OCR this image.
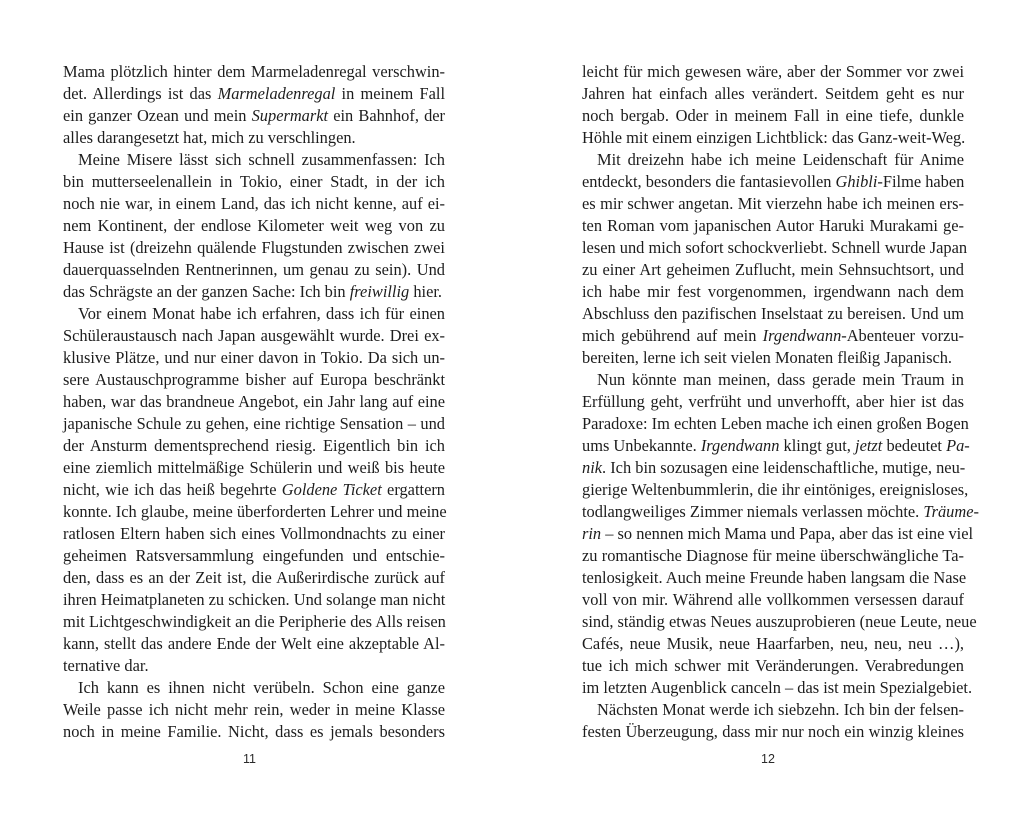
Mama plötzlich hinter dem Marmeladenregal verschwin-
det. Allerdings ist das Marmeladenregal in meinem Fall
ein ganzer Ozean und mein Supermarkt ein Bahnhof, der
alles darangesetzt hat, mich zu verschlingen.
Meine Misere lässt sich schnell zusammenfassen: Ich
bin mutterseelenallein in Tokio, einer Stadt, in der ich
noch nie war, in einem Land, das ich nicht kenne, auf ei-
nem Kontinent, der endlose Kilometer weit weg von zu
Hause ist (dreizehn quälende Flugstunden zwischen zwei
dauerquasselnden Rentnerinnen, um genau zu sein). Und
das Schrägste an der ganzen Sache: Ich bin freiwillig hier.
Vor einem Monat habe ich erfahren, dass ich für einen
Schüleraustausch nach Japan ausgewählt wurde. Drei ex-
klusive Plätze, und nur einer davon in Tokio. Da sich un-
sere Austauschprogramme bisher auf Europa beschränkt
haben, war das brandneue Angebot, ein Jahr lang auf eine
japanische Schule zu gehen, eine richtige Sensation – und
der Ansturm dementsprechend riesig. Eigentlich bin ich
eine ziemlich mittelmäßige Schülerin und weiß bis heute
nicht, wie ich das heiß begehrte Goldene Ticket ergattern
konnte. Ich glaube, meine überforderten Lehrer und meine
ratlosen Eltern haben sich eines Vollmondnachts zu einer
geheimen Ratsversammlung eingefunden und entschie-
den, dass es an der Zeit ist, die Außerirdische zurück auf
ihren Heimatplaneten zu schicken. Und solange man nicht
mit Lichtgeschwindigkeit an die Peripherie des Alls reisen
kann, stellt das andere Ende der Welt eine akzeptable Al-
ternative dar.
Ich kann es ihnen nicht verübeln. Schon eine ganze
Weile passe ich nicht mehr rein, weder in meine Klasse
noch in meine Familie. Nicht, dass es jemals besonders
leicht für mich gewesen wäre, aber der Sommer vor zwei
Jahren hat einfach alles verändert. Seitdem geht es nur
noch bergab. Oder in meinem Fall in eine tiefe, dunkle
Höhle mit einem einzigen Lichtblick: das Ganz-weit-Weg.
Mit dreizehn habe ich meine Leidenschaft für Anime
entdeckt, besonders die fantasievollen Ghibli-Filme haben
es mir schwer angetan. Mit vierzehn habe ich meinen ers-
ten Roman vom japanischen Autor Haruki Murakami ge-
lesen und mich sofort schockverliebt. Schnell wurde Japan
zu einer Art geheimen Zuflucht, mein Sehnsuchtsort, und
ich habe mir fest vorgenommen, irgendwann nach dem
Abschluss den pazifischen Inselstaat zu bereisen. Und um
mich gebührend auf mein Irgendwann-Abenteuer vorzu-
bereiten, lerne ich seit vielen Monaten fleißig Japanisch.
Nun könnte man meinen, dass gerade mein Traum in
Erfüllung geht, verfrüht und unverhofft, aber hier ist das
Paradoxe: Im echten Leben mache ich einen großen Bogen
ums Unbekannte. Irgendwann klingt gut, jetzt bedeutet Pa-
nik. Ich bin sozusagen eine leidenschaftliche, mutige, neu-
gierige Weltenbummlerin, die ihr eintöniges, ereignisloses,
todlangweiliges Zimmer niemals verlassen möchte. Träume-
rin – so nennen mich Mama und Papa, aber das ist eine viel
zu romantische Diagnose für meine überschwängliche Ta-
tenlosigkeit. Auch meine Freunde haben langsam die Nase
voll von mir. Während alle vollkommen versessen darauf
sind, ständig etwas Neues auszuprobieren (neue Leute, neue
Cafés, neue Musik, neue Haarfarben, neu, neu, neu …),
tue ich mich schwer mit Veränderungen. Verabredungen
im letzten Augenblick canceln – das ist mein Spezialgebiet.
Nächsten Monat werde ich siebzehn. Ich bin der felsen-
festen Überzeugung, dass mir nur noch ein winzig kleines
11	12
